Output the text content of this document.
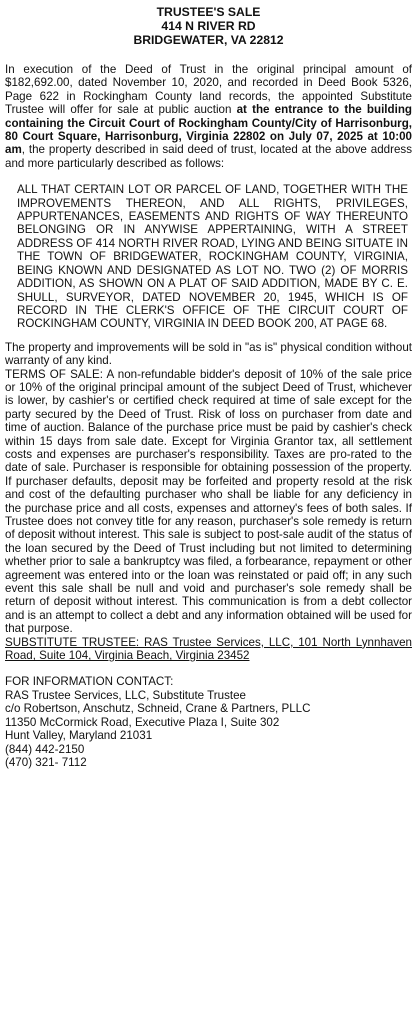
TRUSTEE'S SALE

414 N RIVER RD

BRIDGEWATER, VA 22812

In execution of the Deed of Trust in the original principal amount of $182,692.00, dated November 10, 2020, and recorded in Deed Book 5326, Page 622 in Rockingham County land records, the appointed Substitute Trustee will offer for sale at public auction at the entrance to the building containing the Circuit Court of Rockingham County/City of Harrisonburg, 80 Court Square, Harrisonburg, Virginia 22802 on July 07, 2025 at 10:00 am, the property described in said deed of trust, located at the above address and more particularly described as follows:

ALL THAT CERTAIN LOT OR PARCEL OF LAND, TOGETHER WITH THE IMPROVEMENTS THEREON, AND ALL RIGHTS, PRIVILEGES, APPURTENANCES, EASEMENTS AND RIGHTS OF WAY THEREUNTO BELONGING OR IN ANYWISE APPERTAINING, WITH A STREET ADDRESS OF 414 NORTH RIVER ROAD, LYING AND BEING SITUATE IN THE TOWN OF BRIDGEWATER, ROCKINGHAM COUNTY, VIRGINIA, BEING KNOWN AND DESIGNATED AS LOT NO. TWO (2) OF MORRIS ADDITION, AS SHOWN ON A PLAT OF SAID ADDITION, MADE BY C. E. SHULL, SURVEYOR, DATED NOVEMBER 20, 1945, WHICH IS OF RECORD IN THE CLERK'S OFFICE OF THE CIRCUIT COURT OF ROCKINGHAM COUNTY, VIRGINIA IN DEED BOOK 200, AT PAGE 68.

The property and improvements will be sold in "as is" physical condition without warranty of any kind.

TERMS OF SALE: A non-refundable bidder's deposit of 10% of the sale price or 10% of the original principal amount of the subject Deed of Trust, whichever is lower, by cashier's or certified check required at time of sale except for the party secured by the Deed of Trust. Risk of loss on purchaser from date and time of auction. Balance of the purchase price must be paid by cashier's check within 15 days from sale date. Except for Virginia Grantor tax, all settlement costs and expenses are purchaser's responsibility. Taxes are pro-rated to the date of sale. Purchaser is responsible for obtaining possession of the property. If purchaser defaults, deposit may be forfeited and property resold at the risk and cost of the defaulting purchaser who shall be liable for any deficiency in the purchase price and all costs, expenses and attorney's fees of both sales. If Trustee does not convey title for any reason, purchaser's sole remedy is return of deposit without interest. This sale is subject to post-sale audit of the status of the loan secured by the Deed of Trust including but not limited to determining whether prior to sale a bankruptcy was filed, a forbearance, repayment or other agreement was entered into or the loan was reinstated or paid off; in any such event this sale shall be null and void and purchaser's sole remedy shall be return of deposit without interest. This communication is from a debt collector and is an attempt to collect a debt and any information obtained will be used for that purpose.

SUBSTITUTE TRUSTEE: RAS Trustee Services, LLC, 101 North Lynnhaven Road, Suite 104, Virginia Beach, Virginia 23452

FOR INFORMATION CONTACT:
RAS Trustee Services, LLC, Substitute Trustee
c/o Robertson, Anschutz, Schneid, Crane & Partners, PLLC
11350 McCormick Road, Executive Plaza I, Suite 302
Hunt Valley, Maryland 21031
(844) 442-2150
(470) 321- 7112
